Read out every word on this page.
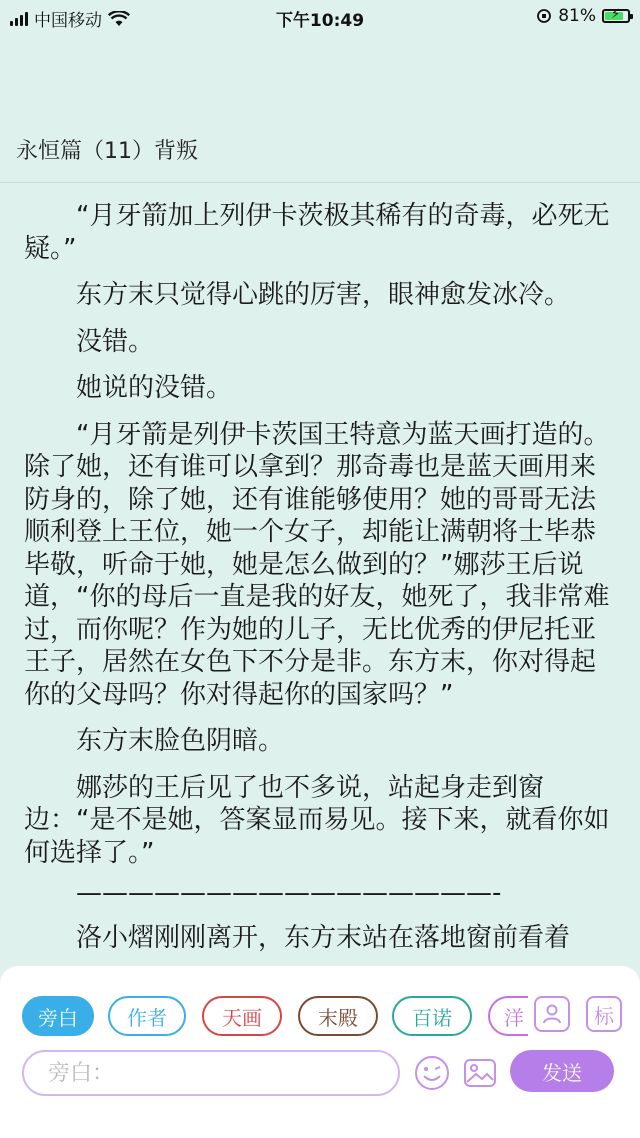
中国移动	下午10:49	81% ⚡
永恒篇（11）背叛

“月牙箭加上列伊卡茨极其稀有的奇毒，必死无疑。”

东方末只觉得心跳的厉害，眼神愈发冰冷。

没错。

她说的没错。

“月牙箭是列伊卡茨国王特意为蓝天画打造的。除了她，还有谁可以拿到？那奇毒也是蓝天画用来防身的，除了她，还有谁能够使用？她的哥哥无法顺利登上王位，她一个女子，却能让满朝将士毕恭毕敬，听命于她，她是怎么做到的？”娜莎王后说道，“你的母后一直是我的好友，她死了，我非常难过，而你呢？作为她的儿子，无比优秀的伊尼托亚王子，居然在女色下不分是非。东方末，你对得起你的父母吗？你对得起你的国家吗？”

东方末脸色阴暗。

娜莎的王后见了也不多说，站起身走到窗边：“是不是她，答案显而易见。接下来，就看你如何选择了。”

————————————————-

洛小熠刚刚离开，东方末站在落地窗前看着

旁白	作者	天画	末殿	百诺	洋	标
旁白：
发送
